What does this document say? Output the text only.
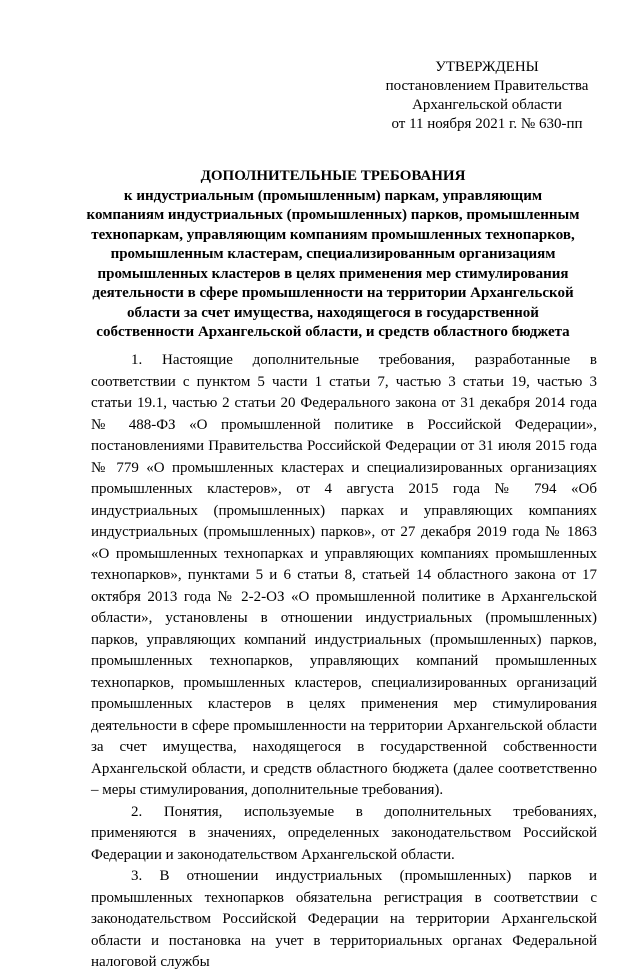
УТВЕРЖДЕНЫ
постановлением Правительства
Архангельской области
от 11 ноября 2021 г. № 630-пп
ДОПОЛНИТЕЛЬНЫЕ ТРЕБОВАНИЯ
к индустриальным (промышленным) паркам, управляющим
компаниям индустриальных (промышленных) парков, промышленным
технопаркам, управляющим компаниям промышленных технопарков,
промышленным кластерам, специализированным организациям
промышленных кластеров в целях применения мер стимулирования
деятельности в сфере промышленности на территории Архангельской
области за счет имущества, находящегося в государственной
собственности Архангельской области, и средств областного бюджета

1. Настоящие дополнительные требования, разработанные в соответствии с пунктом 5 части 1 статьи 7, частью 3 статьи 19, частью 3 статьи 19.1, частью 2 статьи 20 Федерального закона от 31 декабря 2014 года № 488-ФЗ «О промышленной политике в Российской Федерации», постановлениями Правительства Российской Федерации от 31 июля 2015 года № 779 «О промышленных кластерах и специализированных организациях промышленных кластеров», от 4 августа 2015 года № 794 «Об индустриальных (промышленных) парках и управляющих компаниях индустриальных (промышленных) парков», от 27 декабря 2019 года № 1863 «О промышленных технопарках и управляющих компаниях промышленных технопарков», пунктами 5 и 6 статьи 8, статьей 14 областного закона от 17 октября 2013 года № 2-2-ОЗ «О промышленной политике в Архангельской области», установлены в отношении индустриальных (промышленных) парков, управляющих компаний индустриальных (промышленных) парков, промышленных технопарков, управляющих компаний промышленных технопарков, промышленных кластеров, специализированных организаций промышленных кластеров в целях применения мер стимулирования деятельности в сфере промышленности на территории Архангельской области за счет имущества, находящегося в государственной собственности Архангельской области, и средств областного бюджета (далее соответственно – меры стимулирования, дополнительные требования).

2. Понятия, используемые в дополнительных требованиях, применяются в значениях, определенных законодательством Российской Федерации и законодательством Архангельской области.

3. В отношении индустриальных (промышленных) парков и промышленных технопарков обязательна регистрация в соответствии с законодательством Российской Федерации на территории Архангельской области и постановка на учет в территориальных органах Федеральной налоговой службы
